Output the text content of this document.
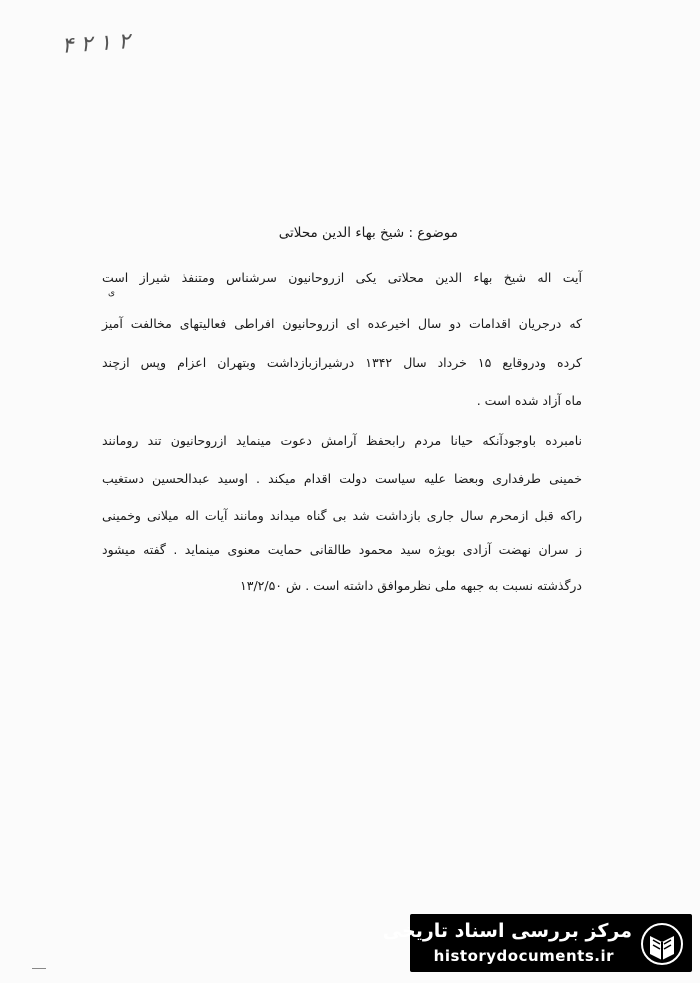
۴ ۲ ۱ ۲
موضوع : شیخ بهاء الدین محلاتی
آیت اله شیخ بهاء الدین محلاتی یکی ازروحانیون سرشناس ومتنفذ شیراز است
که درجریان اقدامات دو سال اخیرعده ای ازروحانیون افراطی فعالیتهای مخالفت آمیز
ی
کرده ودروقایع ۱۵ خرداد سال ۱۳۴۲ درشیرازبازداشت وبتهران اعزام وپس ازچند
ماه آزاد شده است .
نامبرده باوجودآنکه حیانا مردم رابحفظ آرامش دعوت مینماید ازروحانیون تند رومانند
خمینی طرفداری وبعضا علیه سیاست دولت اقدام میکند . اوسید عبدالحسین دستغیب
راکه قبل ازمحرم سال جاری بازداشت شد بی گناه میداند ومانند آیات اله میلانی وخمینی
ز سران نهضت آزادی بویژه سید محمود طالقانی حمایت معنوی مینماید . گفته میشود
درگذشته نسبت به جبهه ملی نظرموافق داشته است . ش ۱۳/۲/۵۰
مرکز بررسی اسناد تاریخی
historydocuments.ir
